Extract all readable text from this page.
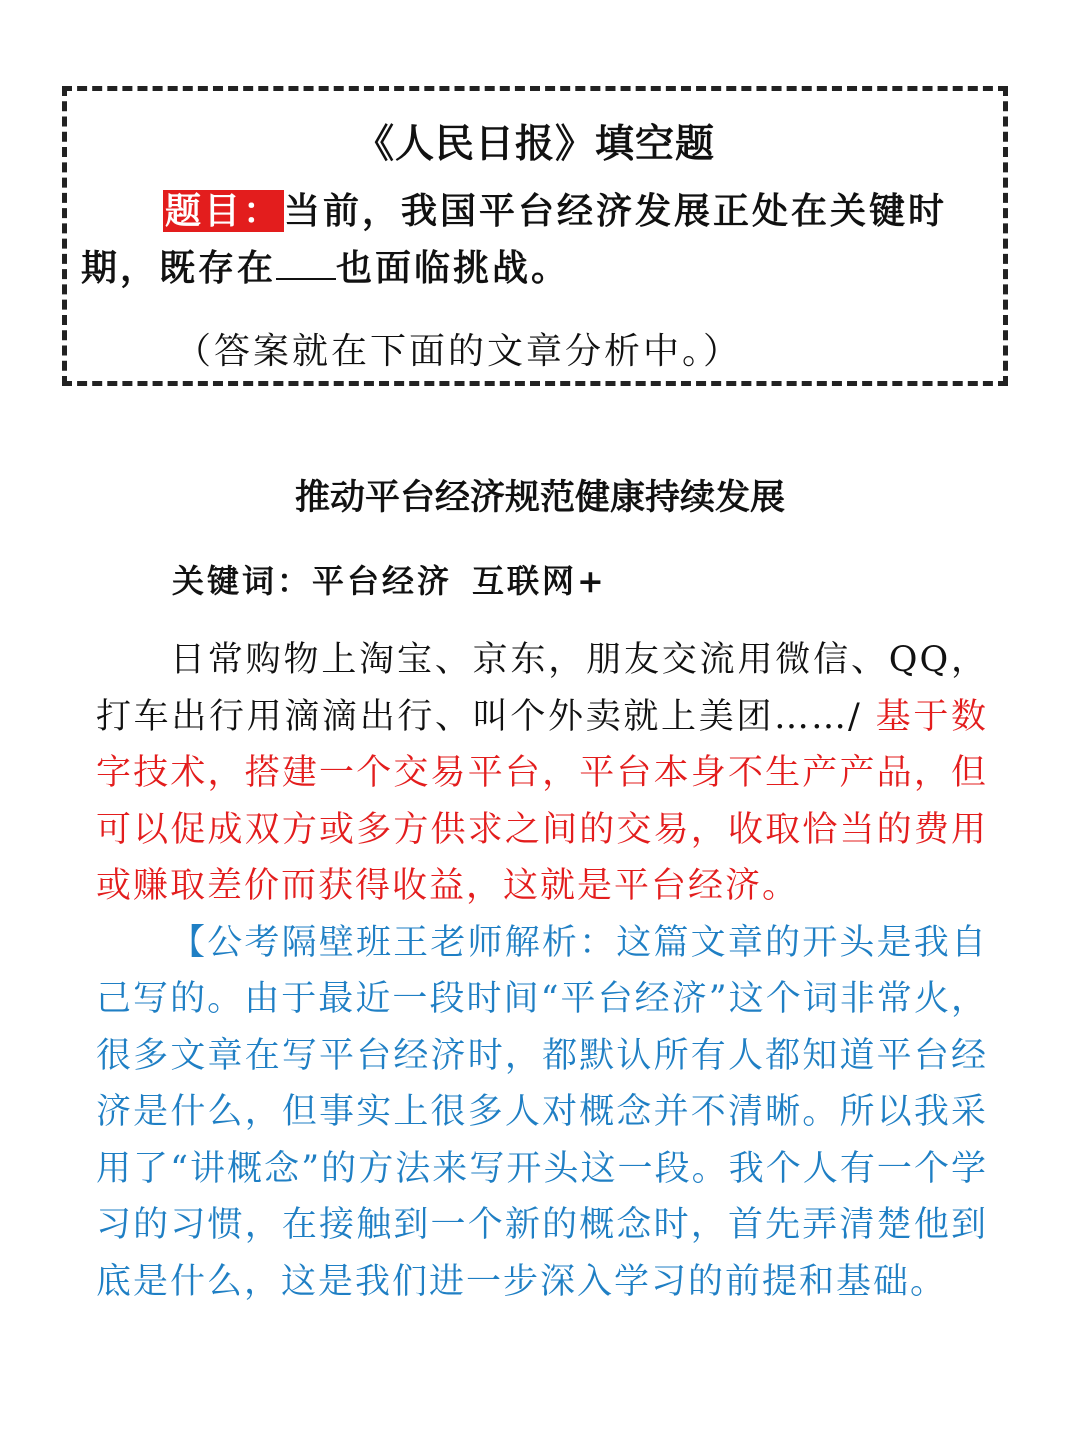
《人民日报》填空题
题目：当前，我国平台经济发展正处在关键时期，既存在 也面临挑战。
（答案就在下面的文章分析中。）
推动平台经济规范健康持续发展
关键词：平台经济 互联网+

日常购物上淘宝、京东，朋友交流用微信、QQ，打车出行用滴滴出行、叫个外卖就上美团……/ 基于数字技术，搭建一个交易平台，平台本身不生产产品，但可以促成双方或多方供求之间的交易，收取恰当的费用或赚取差价而获得收益，这就是平台经济。

【公考隔壁班王老师解析：这篇文章的开头是我自己写的。由于最近一段时间“平台经济”这个词非常火，很多文章在写平台经济时，都默认所有人都知道平台经济是什么，但事实上很多人对概念并不清晰。所以我采用了“讲概念”的方法来写开头这一段。我个人有一个学习的习惯，在接触到一个新的概念时，首先弄清楚他到底是什么，这是我们进一步深入学习的前提和基础。
